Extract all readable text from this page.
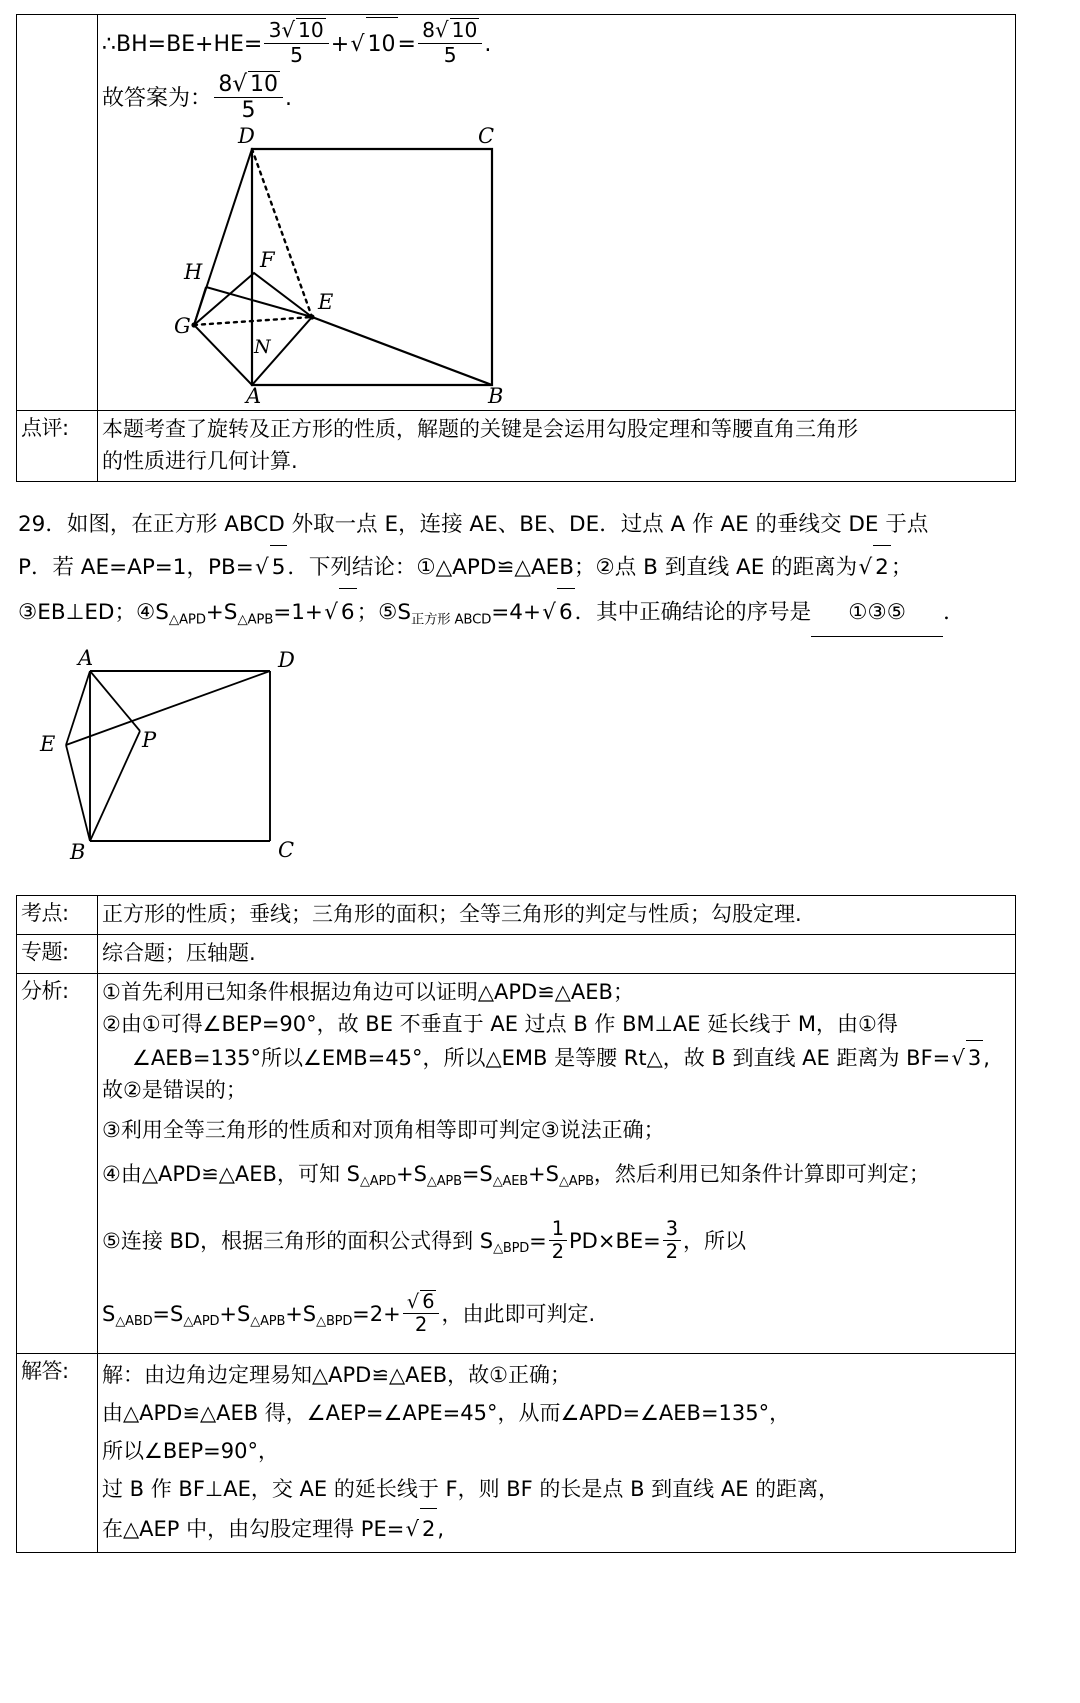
∴BH=BE+HE= $\frac{3√ 10}{5}$ +√ $10= \frac{8√ 10}{5}$ .
故答案为： $\frac{8√ 10}{5}$ .
D	C
H	F
E
G
N
A	B

点评:	本题考查了旋转及正方形的性质，解题的关键是会运用勾股定理和等腰直角三角形
的性质进行几何计算.
29．如图，在正方形 ABCD 外取一点 E，连接 AE、BE、DE．过点 A 作 AE 的垂线交 DE 于点
P．若 AE=AP=1，PB=√ 5．下列结论：①△APD≌△AEB；②点 B 到直线 AE 的距离为√ 2；
③EB⊥ED；$④S_{\triangle APD}+S_{\triangle APB}=1+√$ 6；$⑤S_{正方形 ABCD}=4+√$ 6．其中正确结论的序号是 ①③⑤ ．
A	D
E	P
B	C
考点:	正方形的性质；垂线；三角形的面积；全等三角形的判定与性质；勾股定理.
专题:	综合题；压轴题.
分析:	①首先利用已知条件根据边角边可以证明△APD≌△AEB；
②由①可得∠BEP=90°，故 BE 不垂直于 AE 过点 B 作 BM⊥AE 延长线于 M，由①得
∠AEB=135°所以∠EMB=45°，所以△EMB 是等腰 Rt△，故 B 到直线 AE 距离为 BF=√ 3,
故②是错误的；
③利用全等三角形的性质和对顶角相等即可判定③说法正确；
④由△APD≌△AEB，可知 $S_{\triangle APD}+S_{\triangle APB}=S_{\triangle AEB}+S_{\triangle APB}$，然后利用已知条件计算即可判定；
⑤连接 BD，根据三角形的面积公式得到 $S_{\triangle BPD}= \frac{1}{2} PD\times BE= \frac{3}{2}$ ，所以
$S_{\triangle ABD}=S_{\triangle APD}+S_{\triangle APB}+S_{\triangle BPD}=2+ \frac{√ 6}{2}$ ，由此即可判定.

解答:	解：由边角边定理易知△APD≌△AEB，故①正确；
由△APD≌△AEB 得，∠AEP=∠APE=45°，从而∠APD=∠AEB=135°，
所以∠BEP=90°，
过 B 作 BF⊥AE，交 AE 的延长线于 F，则 BF 的长是点 B 到直线 AE 的距离，
在△AEP 中，由勾股定理得 PE=√ 2,
